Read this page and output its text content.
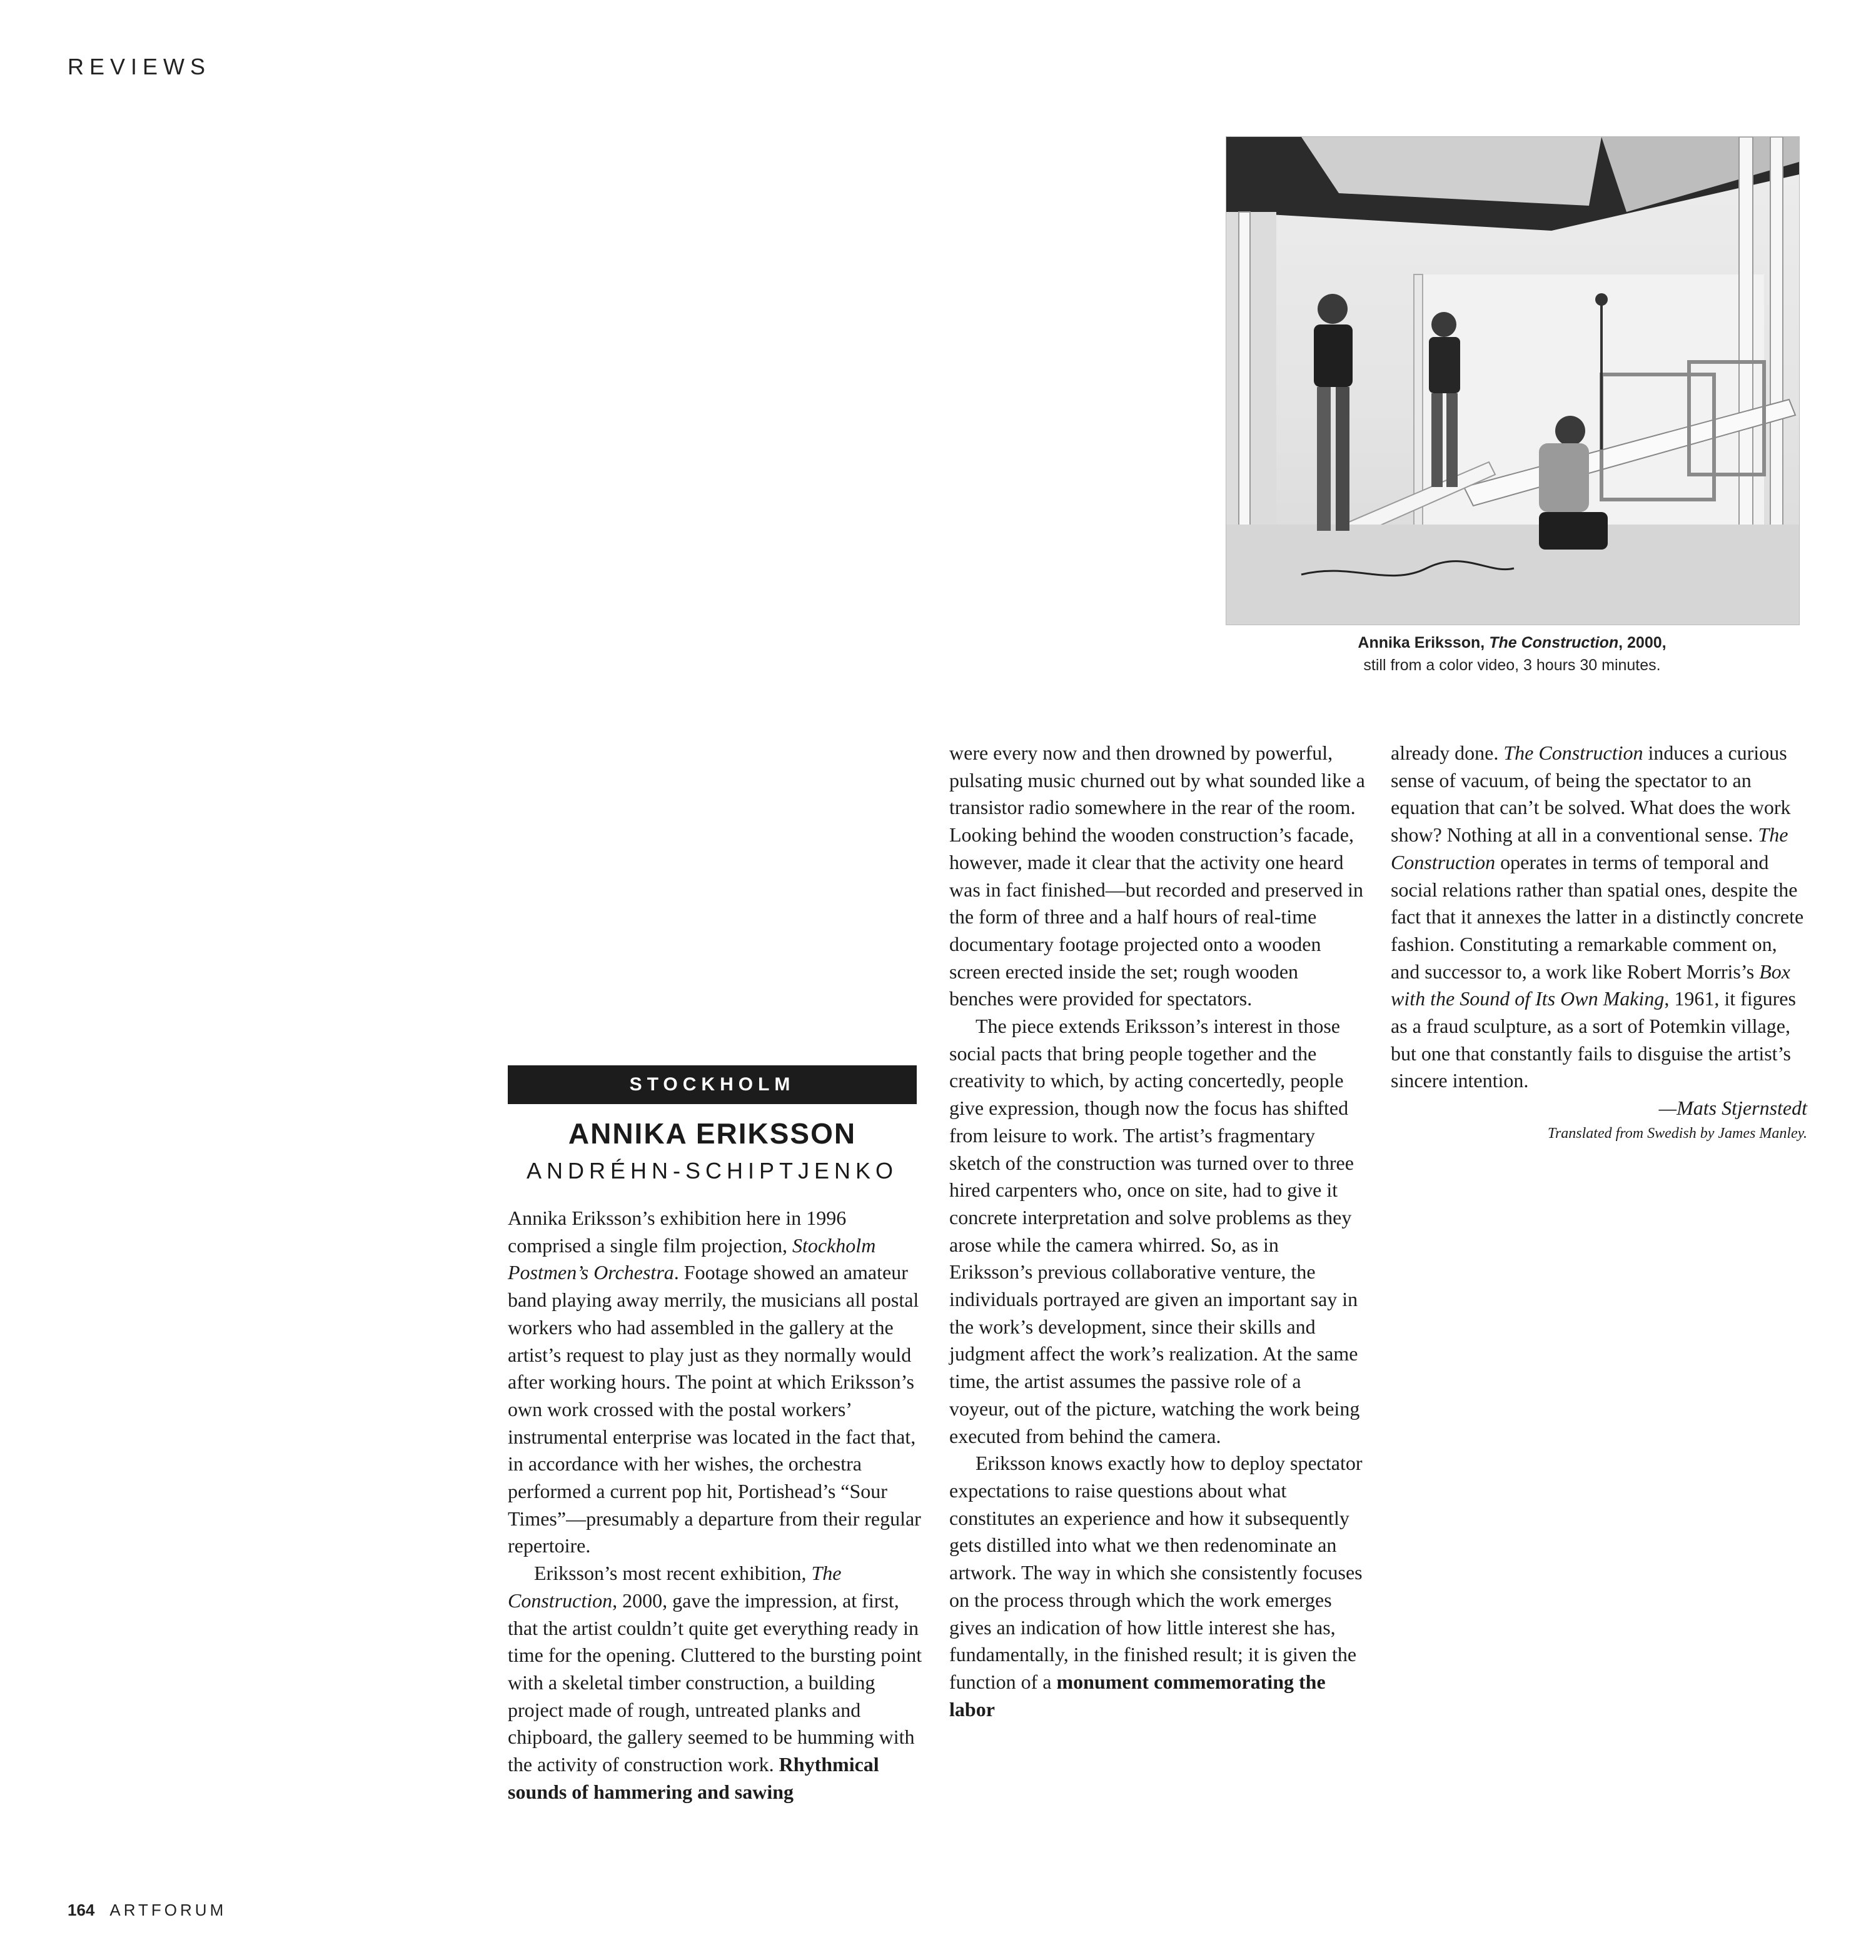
REVIEWS
Annika Eriksson, The Construction, 2000,
still from a color video, 3 hours 30 minutes.
STOCKHOLM
ANNIKA ERIKSSON
ANDRÉHN-SCHIPTJENKO

Annika Eriksson’s exhibition here in 1996 comprised a single film projection, Stockholm Postmen’s Orchestra. Footage showed an amateur band playing away merrily, the musicians all postal workers who had assembled in the gallery at the artist’s request to play just as they normally would after working hours. The point at which Eriksson’s own work crossed with the postal workers’ instrumental enterprise was located in the fact that, in accordance with her wishes, the orchestra performed a current pop hit, Portishead’s “Sour Times”—presumably a departure from their regular repertoire.

Eriksson’s most recent exhibition, The Construction, 2000, gave the impression, at first, that the artist couldn’t quite get everything ready in time for the opening. Cluttered to the bursting point with a skeletal timber construction, a building project made of rough, untreated planks and chipboard, the gallery seemed to be humming with the activity of construction work. Rhythmical sounds of hammering and sawing

were every now and then drowned by powerful, pulsating music churned out by what sounded like a transistor radio somewhere in the rear of the room. Looking behind the wooden construction’s facade, however, made it clear that the activity one heard was in fact finished—but recorded and preserved in the form of three and a half hours of real-time documentary footage projected onto a wooden screen erected inside the set; rough wooden benches were provided for spectators.

The piece extends Eriksson’s interest in those social pacts that bring people together and the creativity to which, by acting concertedly, people give expression, though now the focus has shifted from leisure to work. The artist’s fragmentary sketch of the construction was turned over to three hired carpenters who, once on site, had to give it concrete interpretation and solve problems as they arose while the camera whirred. So, as in Eriksson’s previous collaborative venture, the individuals portrayed are given an important say in the work’s development, since their skills and judgment affect the work’s realization. At the same time, the artist assumes the passive role of a voyeur, out of the picture, watching the work being executed from behind the camera.

Eriksson knows exactly how to deploy spectator expectations to raise questions about what constitutes an experience and how it subsequently gets distilled into what we then redenominate an artwork. The way in which she consistently focuses on the process through which the work emerges gives an indication of how little interest she has, fundamentally, in the finished result; it is given the function of a monument commemorating the labor

already done. The Construction induces a curious sense of vacuum, of being the spectator to an equation that can’t be solved. What does the work show? Nothing at all in a conventional sense. The Construction operates in terms of temporal and social relations rather than spatial ones, despite the fact that it annexes the latter in a distinctly concrete fashion. Constituting a remarkable comment on, and successor to, a work like Robert Morris’s Box with the Sound of Its Own Making, 1961, it figures as a fraud sculpture, as a sort of Potemkin village, but one that constantly fails to disguise the artist’s sincere intention.

—Mats Stjernstedt
Translated from Swedish by James Manley.
164 ARTFORUM
